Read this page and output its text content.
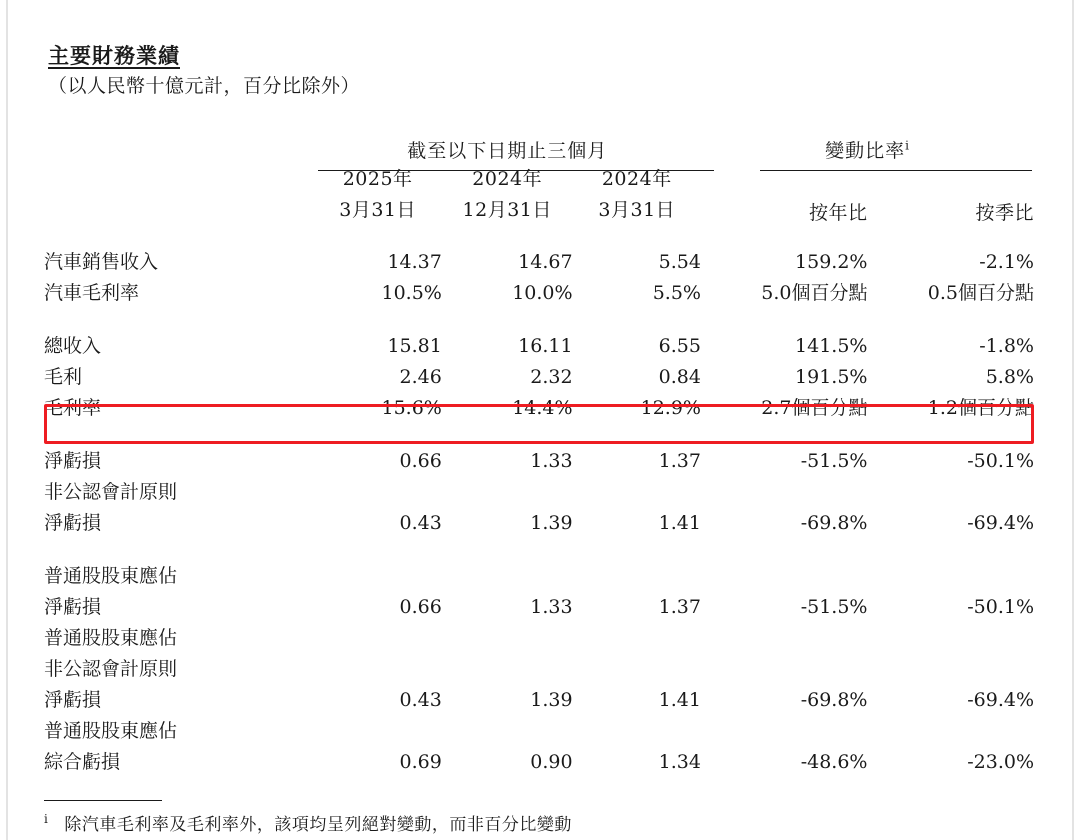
主要財務業績
（以人民幣十億元計，百分比除外）
	截至以下日期止三個月			變動比率$^i$
	2025年	2024年	2024年		
	3月31日	12月31日	3月31日	按年比	按季比

汽車銷售收入	14.37	14.67	5.54	159.2%	-2.1%
汽車毛利率	10.5%	10.0%	5.5%	5.0個百分點	0.5個百分點

總收入	15.81	16.11	6.55	141.5%	-1.8%
毛利	2.46	2.32	0.84	191.5%	5.8%
毛利率	15.6%	14.4%	12.9%	2.7個百分點	1.2個百分點

淨虧損	0.66	1.33	1.37	-51.5%	-50.1%
非公認會計原則					
淨虧損	0.43	1.39	1.41	-69.8%	-69.4%

普通股股東應佔					
淨虧損	0.66	1.33	1.37	-51.5%	-50.1%
普通股股東應佔					
非公認會計原則					
淨虧損	0.43	1.39	1.41	-69.8%	-69.4%
普通股股東應佔					
綜合虧損	0.69	0.90	1.34	-48.6%	-23.0%
$^i$ 除汽車毛利率及毛利率外，該項均呈列絕對變動，而非百分比變動
